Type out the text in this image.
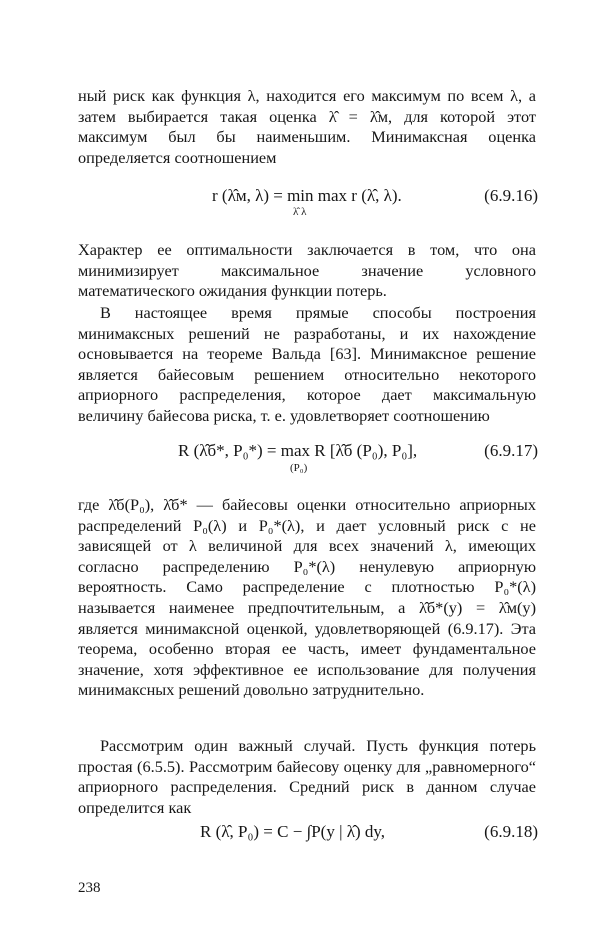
ный риск как функция λ, находится его максимум по всем λ, а затем выбирается такая оценка λ̂ = λ̂м, для которой этот максимум был бы наименьшим. Минимаксная оценка определяется соотношением

r (λ̂м, λ) = min max r (λ̂, λ).
λ̂ λ
(6.9.16)

Характер ее оптимальности заключается в том, что она минимизирует максимальное значение условного математического ожидания функции потерь.

В настоящее время прямые способы построения минимаксных решений не разработаны, и их нахождение основывается на теореме Вальда [63]. Минимаксное решение является байесовым решением относительно некоторого априорного распределения, которое дает максимальную величину байесова риска, т. е. удовлетворяет соотношению

R (λ̂б*, P₀*) = max R [λ̂б (P₀), P₀],
(P₀)
(6.9.17)

где λ̂б(P₀), λ̂б* — байесовы оценки относительно априорных распределений P₀(λ) и P₀*(λ), и дает условный риск с не зависящей от λ величиной для всех значений λ, имеющих согласно распределению P₀*(λ) ненулевую априорную вероятность. Само распределение с плотностью P₀*(λ) называется наименее предпочтительным, а λ̂б*(y) = λ̂м(y) является минимаксной оценкой, удовлетворяющей (6.9.17). Эта теорема, особенно вторая ее часть, имеет фундаментальное значение, хотя эффективное ее использование для получения минимаксных решений довольно затруднительно.

Рассмотрим один важный случай. Пусть функция потерь простая (6.5.5). Рассмотрим байесову оценку для „равномерного“ априорного распределения. Средний риск в данном случае определится как

R (λ̂, P₀) = C − ∫P(y | λ̂) dy,	(6.9.18)
238
